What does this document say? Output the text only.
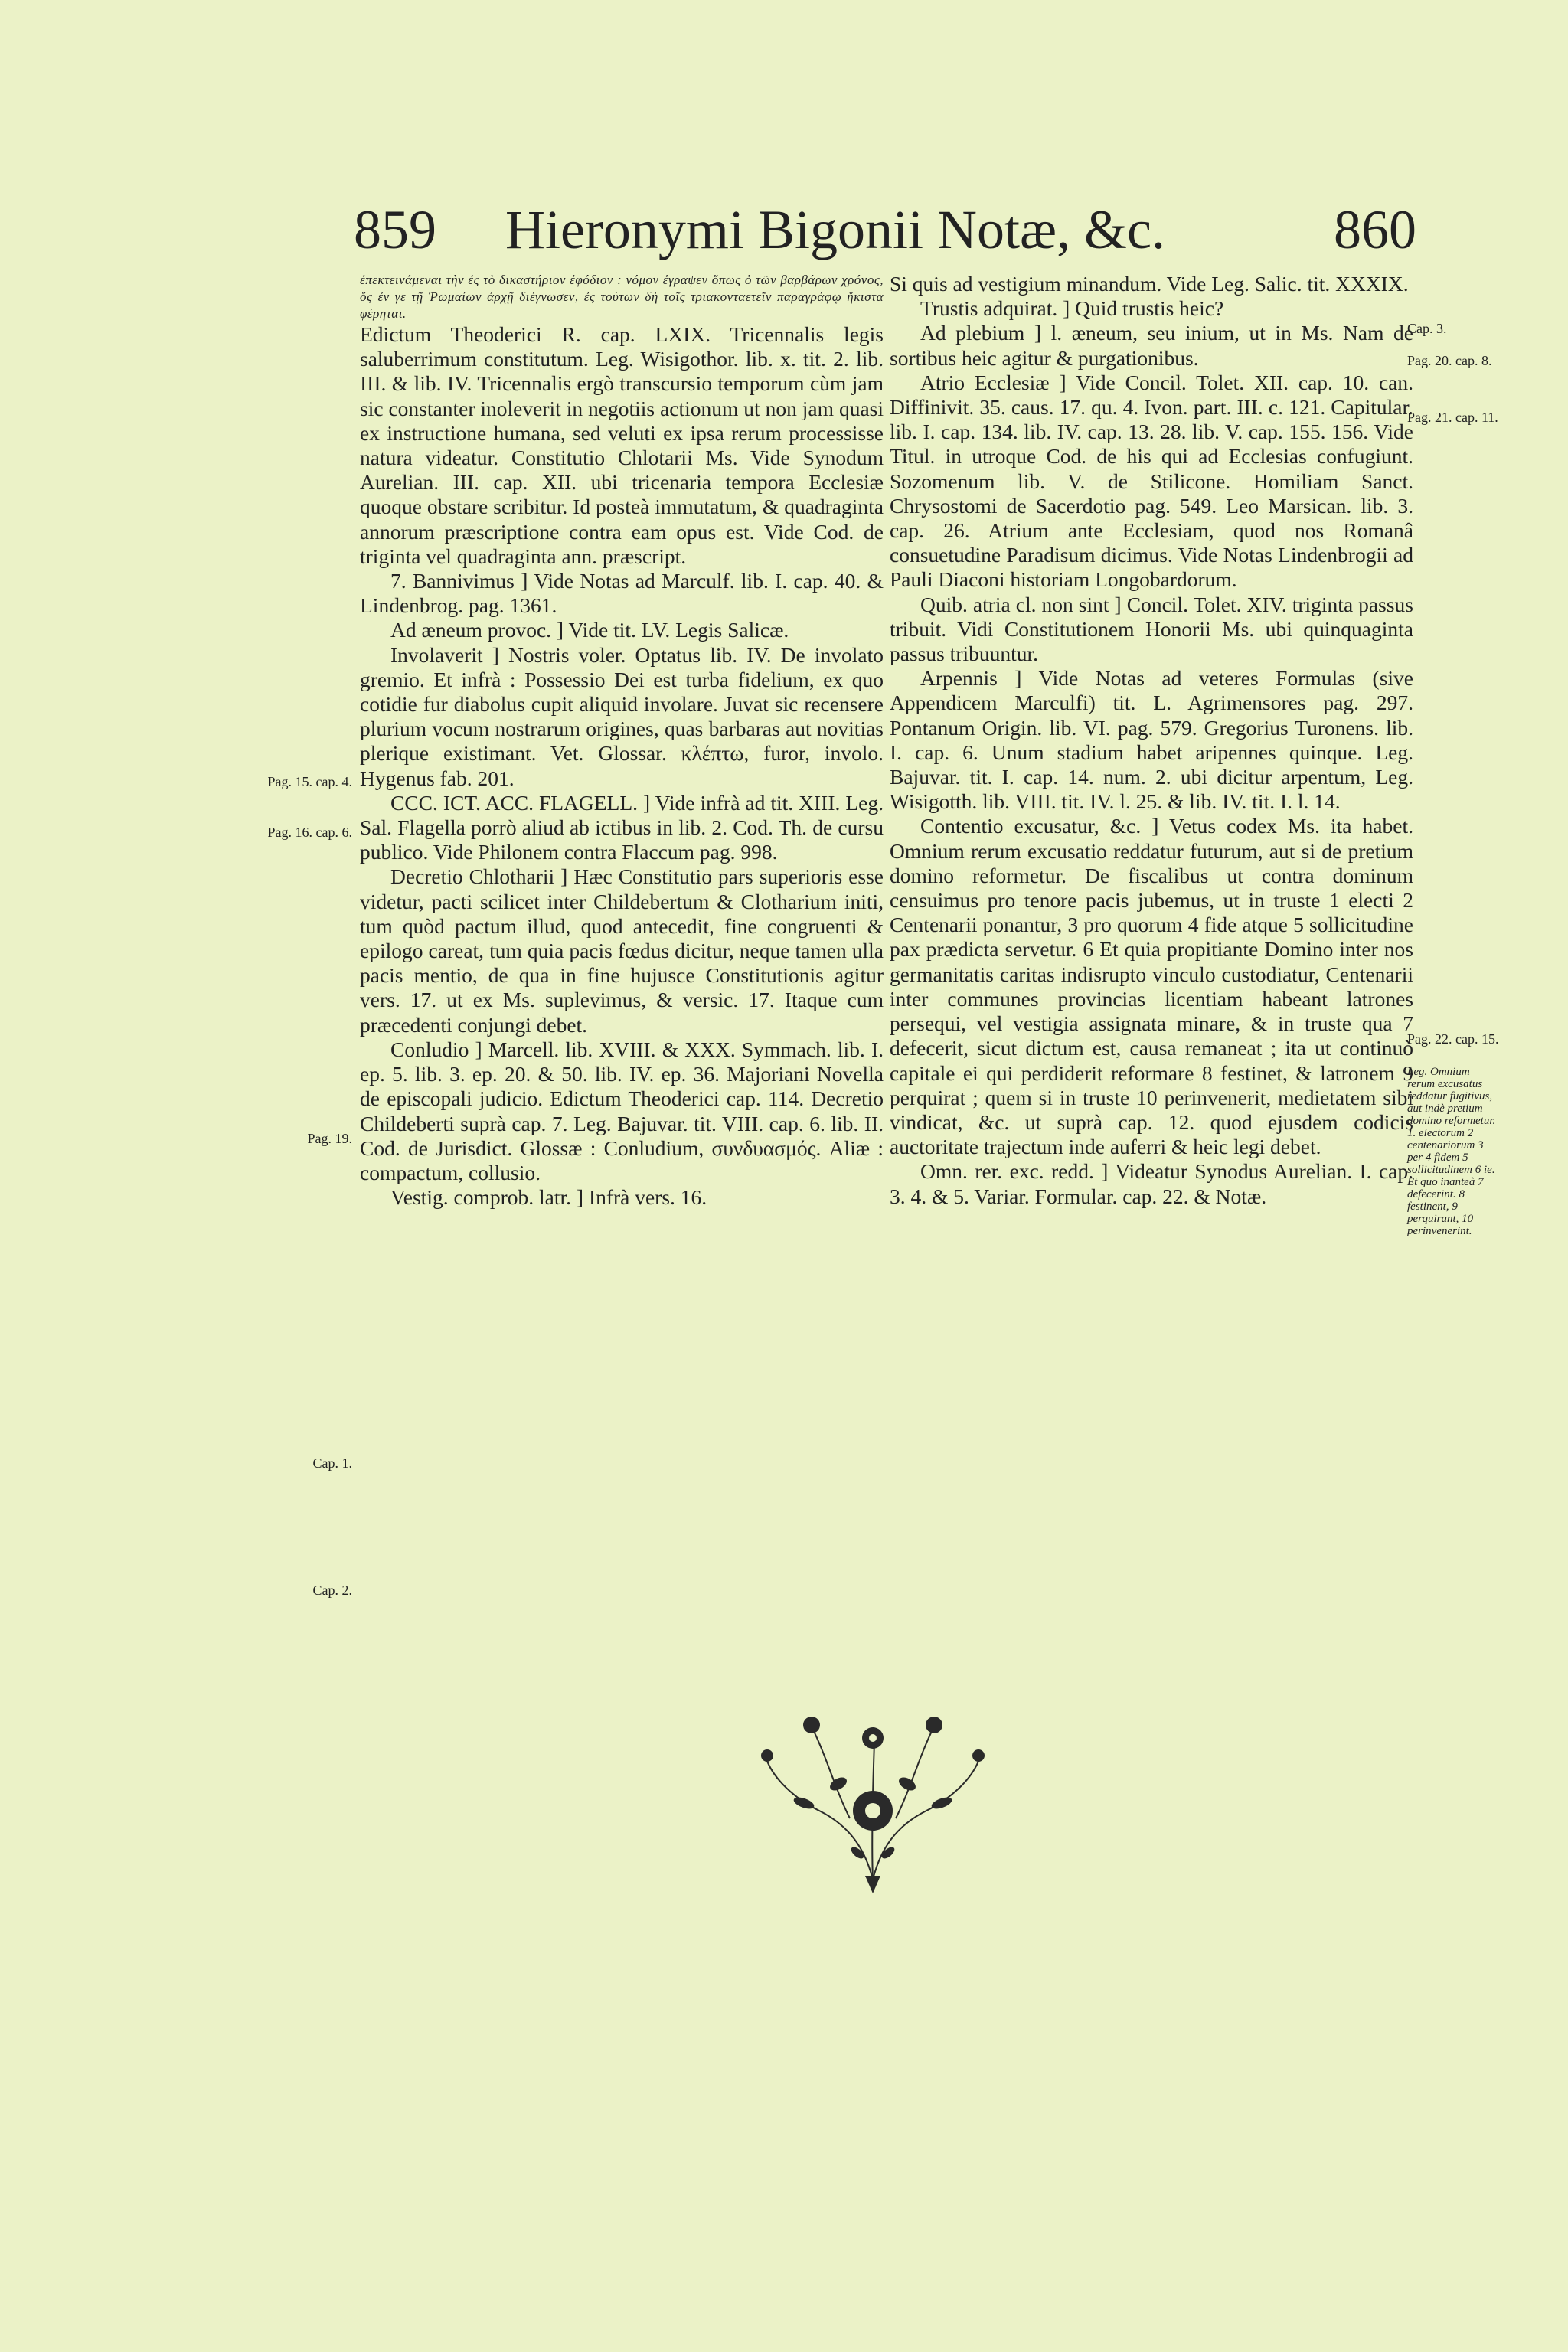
859 Hieronymi Bigonii Notæ, &c.	860

ἐπεκτεινάμεναι τὴν ἐς τὸ δικαστήριον ἐφόδιον : νόμον ἐγραψεν ὅπως ὁ τῶν βαρβάρων χρόνος, ὅς ἐν γε τῇ Ῥωμαίων ἀρχῇ διέγνωσεν, ἐς τούτων δὴ τοῖς τριακονταετεῖν παραγράφῳ ἥκιστα φέρηται.

Edictum Theoderici R. cap. LXIX. Tricennalis legis saluberrimum constitutum. Leg. Wisigothor. lib. x. tit. 2. lib. III. & lib. IV. Tricennalis ergò transcursio temporum cùm jam sic constanter inoleverit in negotiis actionum ut non jam quasi ex instructione humana, sed veluti ex ipsa rerum processisse natura videatur. Constitutio Chlotarii Ms. Vide Synodum Aurelian. III. cap. XII. ubi tricenaria tempora Ecclesiæ quoque obstare scribitur. Id posteà immutatum, & quadraginta annorum præscriptione contra eam opus est. Vide Cod. de triginta vel quadraginta ann. præscript.

7. Bannivimus ] Vide Notas ad Marculf. lib. I. cap. 40. & Lindenbrog. pag. 1361.

Ad æneum provoc. ] Vide tit. LV. Legis Salicæ.

Involaverit ] Nostris voler. Optatus lib. IV. De involato gremio. Et infrà : Possessio Dei est turba fidelium, ex quo cotidie fur diabolus cupit aliquid involare. Juvat sic recensere plurium vocum nostrarum origines, quas barbaras aut novitias plerique existimant. Vet. Glossar. κλέπτω, furor, involo. Hygenus fab. 201.

CCC. ICT. ACC. FLAGELL. ] Vide infrà ad tit. XIII. Leg. Sal. Flagella porrò aliud ab ictibus in lib. 2. Cod. Th. de cursu publico. Vide Philonem contra Flaccum pag. 998.

Decretio Chlotharii ] Hæc Constitutio pars superioris esse videtur, pacti scilicet inter Childebertum & Clotharium initi, tum quòd pactum illud, quod antecedit, fine congruenti & epilogo careat, tum quia pacis fœdus dicitur, neque tamen ulla pacis mentio, de qua in fine hujusce Constitutionis agitur vers. 17. ut ex Ms. suplevimus, & versic. 17. Itaque cum præcedenti conjungi debet.

Conludio ] Marcell. lib. XVIII. & XXX. Symmach. lib. I. ep. 5. lib. 3. ep. 20. & 50. lib. IV. ep. 36. Majoriani Novella de episcopali judicio. Edictum Theoderici cap. 114. Decretio Childeberti suprà cap. 7. Leg. Bajuvar. tit. VIII. cap. 6. lib. II. Cod. de Jurisdict. Glossæ : Conludium, συνδυασμός. Aliæ : compactum, collusio.

Vestig. comprob. latr. ] Infrà vers. 16.

Si quis ad vestigium minandum. Vide Leg. Salic. tit. XXXIX.

Trustis adquirat. ] Quid trustis heic?

Ad plebium ] l. æneum, seu inium, ut in Ms. Nam de sortibus heic agitur & purgationibus.

Atrio Ecclesiæ ] Vide Concil. Tolet. XII. cap. 10. can. Diffinivit. 35. caus. 17. qu. 4. Ivon. part. III. c. 121. Capitular. lib. I. cap. 134. lib. IV. cap. 13. 28. lib. V. cap. 155. 156. Vide Titul. in utroque Cod. de his qui ad Ecclesias confugiunt. Sozomenum lib. V. de Stilicone. Homiliam Sanct. Chrysostomi de Sacerdotio pag. 549. Leo Marsican. lib. 3. cap. 26. Atrium ante Ecclesiam, quod nos Romanâ consuetudine Paradisum dicimus. Vide Notas Lindenbrogii ad Pauli Diaconi historiam Longobardorum.

Quib. atria cl. non sint ] Concil. Tolet. XIV. triginta passus tribuit. Vidi Constitutionem Honorii Ms. ubi quinquaginta passus tribuuntur.

Arpennis ] Vide Notas ad veteres Formulas (sive Appendicem Marculfi) tit. L. Agrimensores pag. 297. Pontanum Origin. lib. VI. pag. 579. Gregorius Turonens. lib. I. cap. 6. Unum stadium habet aripennes quinque. Leg. Bajuvar. tit. I. cap. 14. num. 2. ubi dicitur arpentum, Leg. Wisigotth. lib. VIII. tit. IV. l. 25. & lib. IV. tit. I. l. 14.

Contentio excusatur, &c. ] Vetus codex Ms. ita habet. Omnium rerum excusatio reddatur futurum, aut si de pretium domino reformetur. De fiscalibus ut contra dominum censuimus pro tenore pacis jubemus, ut in truste 1 electi 2 Centenarii ponantur, 3 pro quorum 4 fide atque 5 sollicitudine pax prædicta servetur. 6 Et quia propitiante Domino inter nos germanitatis caritas indisrupto vinculo custodiatur, Centenarii inter communes provincias licentiam habeant latrones persequi, vel vestigia assignata minare, & in truste qua 7 defecerit, sicut dictum est, causa remaneat ; ita ut continuò capitale ei qui perdiderit reformare 8 festinet, & latronem 9 perquirat ; quem si in truste 10 perinvenerit, medietatem sibi vindicat, &c. ut suprà cap. 12. quod ejusdem codicis auctoritate trajectum inde auferri & heic legi debet.

Omn. rer. exc. redd. ] Videatur Synodus Aurelian. I. cap. 3. 4. & 5. Variar. Formular. cap. 22. & Notæ.

Pag. 15. cap. 4.
Pag. 16. cap. 6.
Pag. 19.
Cap. 1.
Cap. 2.
Cap. 3.
Pag. 20. cap. 8.
Pag. 21. cap. 11.
Pag. 22. cap. 15.
Leg. Omnium rerum excusatus reddatur fugitivus, aut indè pretium domino reformetur. 1. electorum 2 centenariorum 3 per 4 fidem 5 sollicitudinem 6 ie. Et quo inanteà 7 defecerint. 8 festinent, 9 perquirant, 10 perinvenerint.
